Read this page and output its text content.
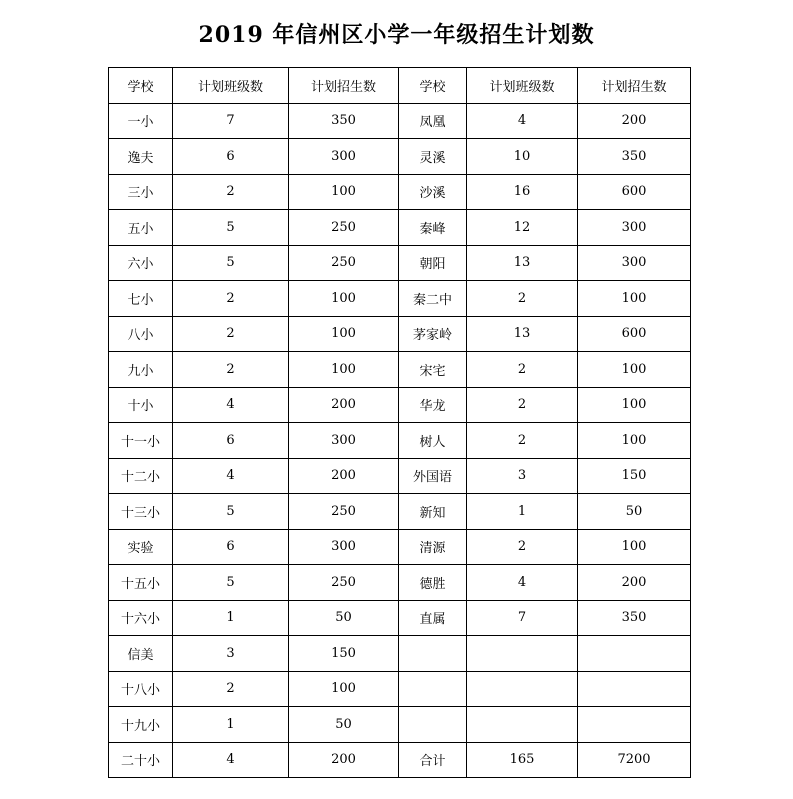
2019 年信州区小学一年级招生计划数
学校	计划班级数	计划招生数	学校	计划班级数	计划招生数
一小	7	350	凤凰	4	200
逸夫	6	300	灵溪	10	350
三小	2	100	沙溪	16	600
五小	5	250	秦峰	12	300
六小	5	250	朝阳	13	300
七小	2	100	秦二中	2	100
八小	2	100	茅家岭	13	600
九小	2	100	宋宅	2	100
十小	4	200	华龙	2	100
十一小	6	300	树人	2	100
十二小	4	200	外国语	3	150
十三小	5	250	新知	1	50
实验	6	300	清源	2	100
十五小	5	250	德胜	4	200
十六小	1	50	直属	7	350
信美	3	150			
十八小	2	100			
十九小	1	50			
二十小	4	200	合计	165	7200
